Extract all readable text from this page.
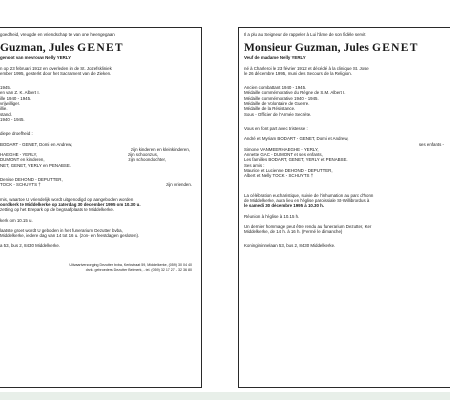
goedheid, vreugde en vriendschap te van one heengegaan
Guzman, Jules GENET
genoot van mevrouw Nelly YERLY
n op 23 februari 1912 en overleden in de St. Jozefskliniek
ember 1995, gesterkt door het Sacrament van de Zieken.
1945.
en van Z. K. Albert I.
ille 1940 - 1945.
vrijwilliger.
illie.
stand.
1940 - 1945.
diepe droefheid :
BODART - GENET, Domi en Andrew,
zijn kinderen en kleinkinderen,
HAEGHE - YERLY,	zijn schoonzus,
DUMONT en kinderen,	zijn schoondochter,
NET, GENET, YERLY en PENABSE.
Denise DEHOND - DEPUTTER,
TOCK - SCHUYTS †	zijn vrienden.
mis, waartoe U vriendelijk wordt uitgenodigd op aangeboden worden
oordkerk te Middelkerke op zaterdag 30 december 1995 om 10.30 u.
zetting op het Erepark op de begraafplaats te Middelkerke.
kerk om 10.15 u.
laatste groet wordt U geboden in het funerarium Dezutter bvba,
Middelkerke, iedere dag van 14 tot 16 u. (zon- en feestdagen gesloten).
a 53, bus 2, 8430 Middelkerke.
Uitvaartverzorging Dezutter bvba, Kerkstraat 59, Middelkerke, (059) 30 04 40
drvk. gebroeders Dezutter Belmerk, - tel. (059) 32 17 27 - 32 36 80
Il a plu au Seigneur de rappeler à Lui l'âme de son fidèle servit
Monsieur Guzman, Jules GENET
Veuf de madame Nelly YERLY
né à Charleroi le 23 février 1912 et décédé à la clinique St. Jose
le 26 décembre 1995, muni des Secours de la Religion.
Ancien combattant 1940 - 1945.
Médaille commémorative du Règne de S.M. Albert I.
Médaille commémorative 1940 - 1945.
Médaille de Volontaire de Guerre.
Médaille de la Résistance.
Sous - Officier de l'Armée Secrète.
Vous en font part avec tristesse :
André et Myriam BODART - GENET, Domi et Andrew,
ses enfants -
Simone VANMEERHAEGHE - YERLY,
Annette GAC - DUMONT et ses enfants,
Les familles BODART, GENET, YERLY et PENABSE.
Ses amis :
Maurice et Lucienne DEHOND - DEPUTTER,
Albert et Nelly TOCK - SCHUYTS †
La célébration eucharistique, suivie de l'inhumation au parc d'honn
de Middelkerke, aura lieu en l'église paroissiale St-Willibrordus à
le samedi 30 décembre 1995 à 10.30 h.
Réunion à l'église à 10.15 h.
Un dernier hommage peut être rendu au funerarium Dezutter, Ker
Middelkerke, de 14 h. à 16 h. (Fermé le dimanche)
Koningininnelaan 53, bus 2, 8430 Middelkerke.
